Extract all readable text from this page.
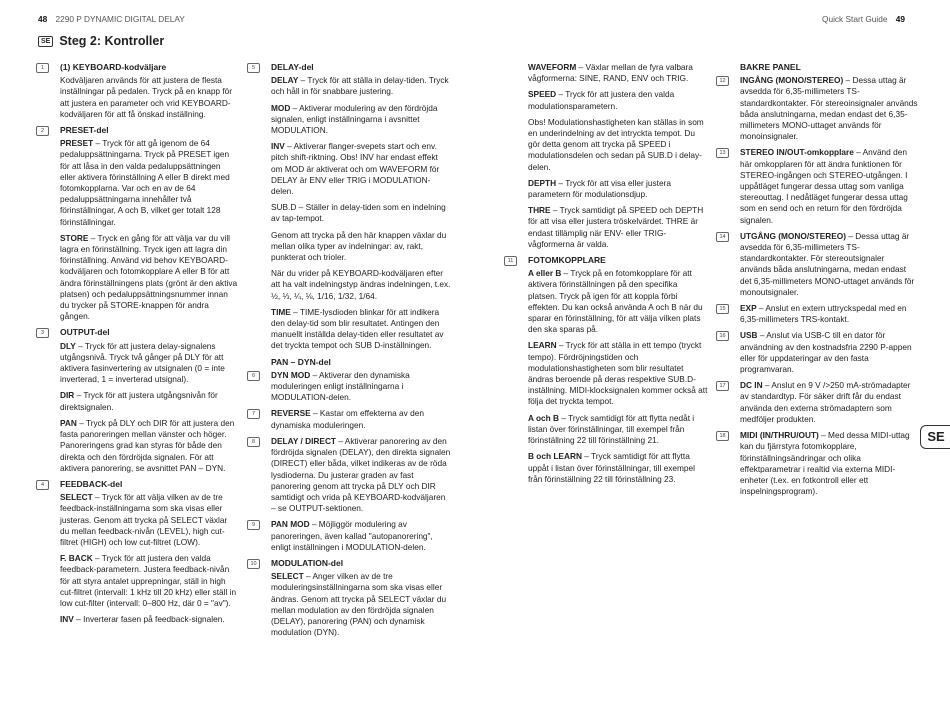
48 2290 P DYNAMIC DIGITAL DELAY	Quick Start Guide 49
SE Steg 2: Kontroller
1	(1) KEYBOARD-kodväljare

Kodväljaren används för att justera de flesta inställningar på pedalen. Tryck på en knapp för att justera en parameter och vrid KEYBOARD-kodväljaren för att få önskad inställning.

2	PRESET-del

PRESET – Tryck för att gå igenom de 64 pedaluppsättningarna. Tryck på PRESET igen för att låsa in den valda pedaluppsättningen eller aktivera förinställning A eller B direkt med fotomkopplarna. Var och en av de 64 pedaluppsättningarna innehåller två förinställningar, A och B, vilket ger totalt 128 förinställningar.

STORE – Tryck en gång för att välja var du vill lagra en förinställning. Tryck igen att lagra din förinställning. Använd vid behov KEYBOARD-kodväljaren och fotomkopplare A eller B för att ändra förinställningens plats (grönt är den aktiva platsen) och pedaluppsättningsnummer innan du trycker på STORE-knappen för andra gången.

3	OUTPUT-del

DLY – Tryck för att justera delay-signalens utgångsnivå. Tryck två gånger på DLY för att aktivera fasinvertering av utsignalen (0 = inte inverterad, 1 = inverterad utsignal).

DIR – Tryck för att justera utgångsnivån för direktsignalen.

PAN – Tryck på DLY och DIR för att justera den fasta panoreringen mellan vänster och höger. Panoreringens grad kan styras för både den direkta och den fördröjda signalen. För att aktivera panorering, se avsnittet PAN – DYN.

4	FEEDBACK-del

SELECT – Tryck för att välja vilken av de tre feedback-inställningarna som ska visas eller justeras. Genom att trycka på SELECT växlar du mellan feedback-nivån (LEVEL), high cut-filtret (HIGH) och low cut-filtret (LOW).

F. BACK – Tryck för att justera den valda feedback-parametern. Justera feedback-nivån för att styra antalet upprepningar, ställ in high cut-filtret (intervall: 1 kHz till 20 kHz) eller ställ in low cut-filter (intervall: 0–800 Hz, där 0 = "av").

INV – Inverterar fasen på feedback-signalen.

5	DELAY-del

DELAY – Tryck för att ställa in delay-tiden. Tryck och håll in för snabbare justering.

MOD – Aktiverar modulering av den fördröjda signalen, enligt inställningarna i avsnittet MODULATION.

INV – Aktiverar flanger-svepets start och env. pitch shift-riktning. Obs! INV har endast effekt om MOD är aktiverat och om WAVEFORM för DELAY är ENV eller TRIG i MODULATION-delen.

SUB.D – Ställer in delay-tiden som en indelning av tap-tempot.

Genom att trycka på den här knappen växlar du mellan olika typer av indelningar: av, rakt, punkterat och trioler.

När du vrider på KEYBOARD-kodväljaren efter att ha valt indelningstyp ändras indelningen, t.ex. ½, ⅓, ¼, ⅛, 1/16, 1/32, 1/64.

TIME – TIME-lysdioden blinkar för att indikera den delay-tid som blir resultatet. Antingen den manuellt inställda delay-tiden eller resultatet av det tryckta tempot och SUB D-inställningen.

PAN – DYN-del
6	DYN MOD – Aktiverar den dynamiska moduleringen enligt inställningarna i MODULATION-delen.

7	REVERSE – Kastar om effekterna av den dynamiska moduleringen.

8	DELAY / DIRECT – Aktiverar panorering av den fördröjda signalen (DELAY), den direkta signalen (DIRECT) eller båda, vilket indikeras av de röda lysdioderna. Du justerar graden av fast panorering genom att trycka på DLY och DIR samtidigt och vrida på KEYBOARD-kodväljaren – se OUTPUT-sektionen.

9	PAN MOD – Möjliggör modulering av panoreringen, även kallad "autopanorering", enligt inställningen i MODULATION-delen.

10	MODULATION-del

SELECT – Anger vilken av de tre moduleringsinställningarna som ska visas eller ändras. Genom att trycka på SELECT växlar du mellan modulation av den fördröjda signalen (DELAY), panorering (PAN) och dynamisk modulation (DYN).

WAVEFORM – Växlar mellan de fyra valbara vågformerna: SINE, RAND, ENV och TRIG.

SPEED – Tryck för att justera den valda modulationsparametern.

Obs! Modulationshastigheten kan ställas in som en underindelning av det intryckta tempot. Du gör detta genom att trycka på SPEED i modulationsdelen och sedan på SUB.D i delay-delen.

DEPTH – Tryck för att visa eller justera parametern för modulationsdjup.

THRE – Tryck samtidigt på SPEED och DEPTH för att visa eller justera tröskelvärdet. THRE är endast tillämplig när ENV- eller TRIG-vågformerna är valda.

11	FOTOMKOPPLARE

A eller B – Tryck på en fotomkopplare för att aktivera förinställningen på den specifika platsen. Tryck på igen för att koppla förbi effekten. Du kan också använda A och B när du sparar en förinställning, för att välja vilken plats den ska sparas på.

LEARN – Tryck för att ställa in ett tempo (tryckt tempo). Fördröjningstiden och modulationshastigheten som blir resultatet ändras beroende på deras respektive SUB.D-inställning. MIDI-klocksignalen kommer också att följa det tryckta tempot.

A och B – Tryck samtidigt för att flytta nedåt i listan över förinställningar, till exempel från förinställning 22 till förinställning 21.

B och LEARN – Tryck samtidigt för att flytta uppåt i listan över förinställningar, till exempel från förinställning 22 till förinställning 23.

BAKRE PANEL
12	INGÅNG (MONO/STEREO) – Dessa uttag är avsedda för 6,35-millimeters TS-standardkontakter. För stereoinsignaler används båda anslutningarna, medan endast det 6,35-millimeters MONO-uttaget används för monoinsignaler.

13	STEREO IN/OUT-omkopplare – Använd den här omkopplaren för att ändra funktionen för STEREO-ingången och STEREO-utgången. I uppåtläget fungerar dessa uttag som vanliga stereouttag. I nedåtläget fungerar dessa uttag som en send och en return för den fördröjda signalen.

14	UTGÅNG (MONO/STEREO) – Dessa uttag är avsedda för 6,35-millimeters TS-standardkontakter. För stereoutsignaler används båda anslutningarna, medan endast det 6,35-millimeters MONO-uttaget används för monoutsignaler.

15	EXP – Anslut en extern uttryckspedal med en 6,35-millimeters TRS-kontakt.

16	USB – Anslut via USB-C till en dator för användning av den kostnadsfria 2290 P-appen eller för uppdateringar av den fasta programvaran.

17	DC IN – Anslut en 9 V />250 mA-strömadapter av standardtyp. För säker drift får du endast använda den externa strömadaptern som medföljer produkten.

18	MIDI (IN/THRU/OUT) – Med dessa MIDI-uttag kan du fjärrstyra fotomkopplare, förinställningsändringar och olika effektparametrar i realtid via externa MIDI-enheter (t.ex. en fotkontroll eller ett inspelningsprogram).

SE
